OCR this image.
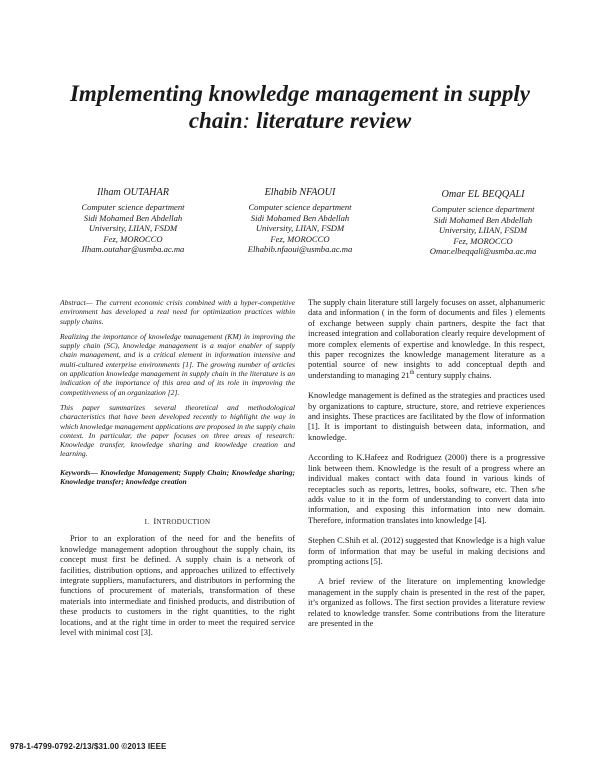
Implementing knowledge management in supply
chain: literature review
Ilham OUTAHAR
Computer science department
Sidi Mohamed Ben Abdellah
University, LIIAN, FSDM
Fez, MOROCCO
Ilham.outahar@usmba.ac.ma
Elhabib NFAOUI
Computer science department
Sidi Mohamed Ben Abdellah
University, LIIAN, FSDM
Fez, MOROCCO
Elhabib.nfaoui@usmba.ac.ma
Omar EL BEQQALI
Computer science department
Sidi Mohamed Ben Abdellah
University, LIIAN, FSDM
Fez, MOROCCO
Omar.elbeqqali@usmba.ac.ma

Abstract— The current economic crisis combined with a hyper-competitive environment has developed a real need for optimization practices within supply chains.

Realizing the importance of knowledge management (KM) in improving the supply chain (SC), knowledge management is a major enabler of supply chain management, and is a critical element in information intensive and multi-cultured enterprise environments [1]. The growing number of articles on application knowledge management in supply chain in the literature is an indication of the importance of this area and of its role in improving the competitiveness of an organization [2].

This paper summarizes several theoretical and methodological characteristics that have been developed recently to highlight the way in which knowledge management applications are proposed in the supply chain context. In particular, the paper focuses on three areas of research: Knowledge transfer, knowledge sharing and knowledge creation and learning.

Keywords— Knowledge Management; Supply Chain; Knowledge sharing; Knowledge transfer; knowledge creation

I. INTRODUCTION

Prior to an exploration of the need for and the benefits of knowledge management adoption throughout the supply chain, its concept must first be defined. A supply chain is a network of facilities, distribution options, and approaches utilized to effectively integrate suppliers, manufacturers, and distributors in performing the functions of procurement of materials, transformation of these materials into intermediate and finished products, and distribution of these products to customers in the right quantities, to the right locations, and at the right time in order to meet the required service level with minimal cost [3].

The supply chain literature still largely focuses on asset, alphanumeric data and information ( in the form of documents and files ) elements of exchange between supply chain partners, despite the fact that increased integration and collaboration clearly require development of more complex elements of expertise and knowledge. In this respect, this paper recognizes the knowledge management literature as a potential source of new insights to add conceptual depth and understanding to managing 21th century supply chains.

Knowledge management is defined as the strategies and practices used by organizations to capture, structure, store, and retrieve experiences and insights. These practices are facilitated by the flow of information [1]. It is important to distinguish between data, information, and knowledge.

According to K.Hafeez and Rodriguez (2000) there is a progressive link between them. Knowledge is the result of a progress where an individual makes contact with data found in various kinds of receptacles such as reports, lettres, books, software, etc. Then s/he adds value to it in the form of understanding to convert data into information, and exposing this information into new domain. Therefore, information translates into knowledge [4].

Stephen C.Shih et al. (2012) suggested that Knowledge is a high value form of information that may be useful in making decisions and prompting actions [5].

A brief review of the literature on implementing knowledge management in the supply chain is presented in the rest of the paper, it’s organized as follows. The first section provides a literature review related to knowledge transfer. Some contributions from the literature are presented in the

978-1-4799-0792-2/13/$31.00 ©2013 IEEE
